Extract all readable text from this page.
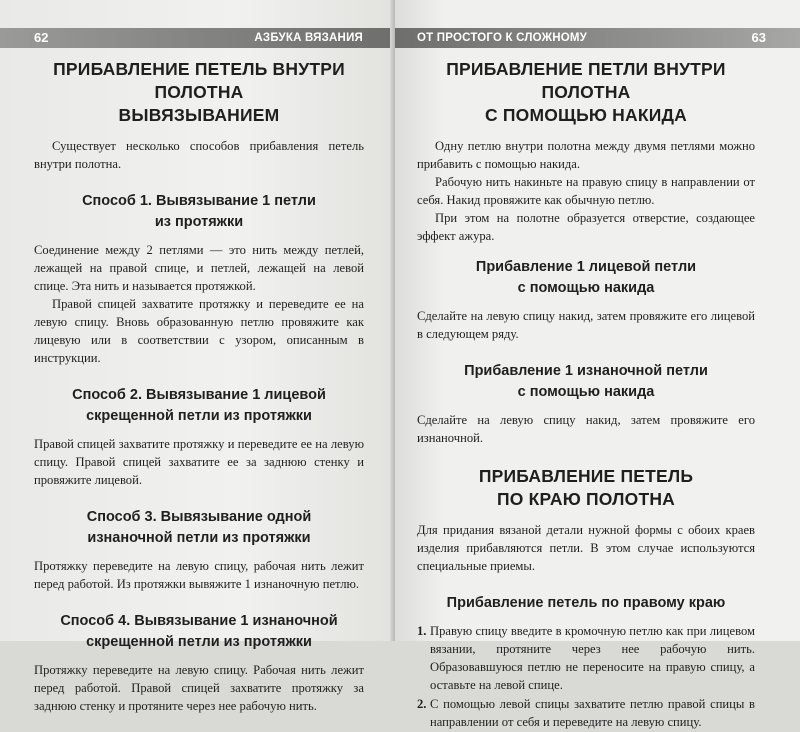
62	АЗБУКА ВЯЗАНИЯ
ПРИБАВЛЕНИЕ ПЕТЕЛЬ ВНУТРИ ПОЛОТНА
ВЫВЯЗЫВАНИЕМ

Существует несколько способов прибавления петель внутри полотна.

Способ 1. Вывязывание 1 петли
из протяжки

Соединение между 2 петлями — это нить между петлей, лежащей на правой спице, и петлей, лежащей на левой спице. Эта нить и называется протяжкой.

Правой спицей захватите протяжку и переведите ее на левую спицу. Вновь образованную петлю провяжите как лицевую или в соответствии с узором, описанным в инструкции.

Способ 2. Вывязывание 1 лицевой
скрещенной петли из протяжки

Правой спицей захватите протяжку и переведите ее на левую спицу. Правой спицей захватите ее за заднюю стенку и провяжите лицевой.

Способ 3. Вывязывание одной
изнаночной петли из протяжки

Протяжку переведите на левую спицу, рабочая нить лежит перед работой. Из протяжки вывяжите 1 изнаночную петлю.

Способ 4. Вывязывание 1 изнаночной
скрещенной петли из протяжки

Протяжку переведите на левую спицу. Рабочая нить лежит перед работой. Правой спицей захватите протяжку за заднюю стенку и протяните через нее рабочую нить.

ОТ ПРОСТОГО К СЛОЖНОМУ	63
ПРИБАВЛЕНИЕ ПЕТЛИ ВНУТРИ ПОЛОТНА
С ПОМОЩЬЮ НАКИДА

Одну петлю внутри полотна между двумя петлями можно прибавить с помощью накида.

Рабочую нить накиньте на правую спицу в направлении от себя. Накид провяжите как обычную петлю.

При этом на полотне образуется отверстие, создающее эффект ажура.

Прибавление 1 лицевой петли
с помощью накида

Сделайте на левую спицу накид, затем провяжите его лицевой в следующем ряду.

Прибавление 1 изнаночной петли
с помощью накида

Сделайте на левую спицу накид, затем провяжите его изнаночной.

ПРИБАВЛЕНИЕ ПЕТЕЛЬ
ПО КРАЮ ПОЛОТНА

Для придания вязаной детали нужной формы с обоих краев изделия прибавляются петли. В этом случае используются специальные приемы.

Прибавление петель по правому краю
1. Правую спицу введите в кромочную петлю как при лицевом вязании, протяните через нее рабочую нить. Образовавшуюся петлю не переносите на правую спицу, а оставьте на левой спице.
2. С помощью левой спицы захватите петлю правой спицы в направлении от себя и переведите на левую спицу.
